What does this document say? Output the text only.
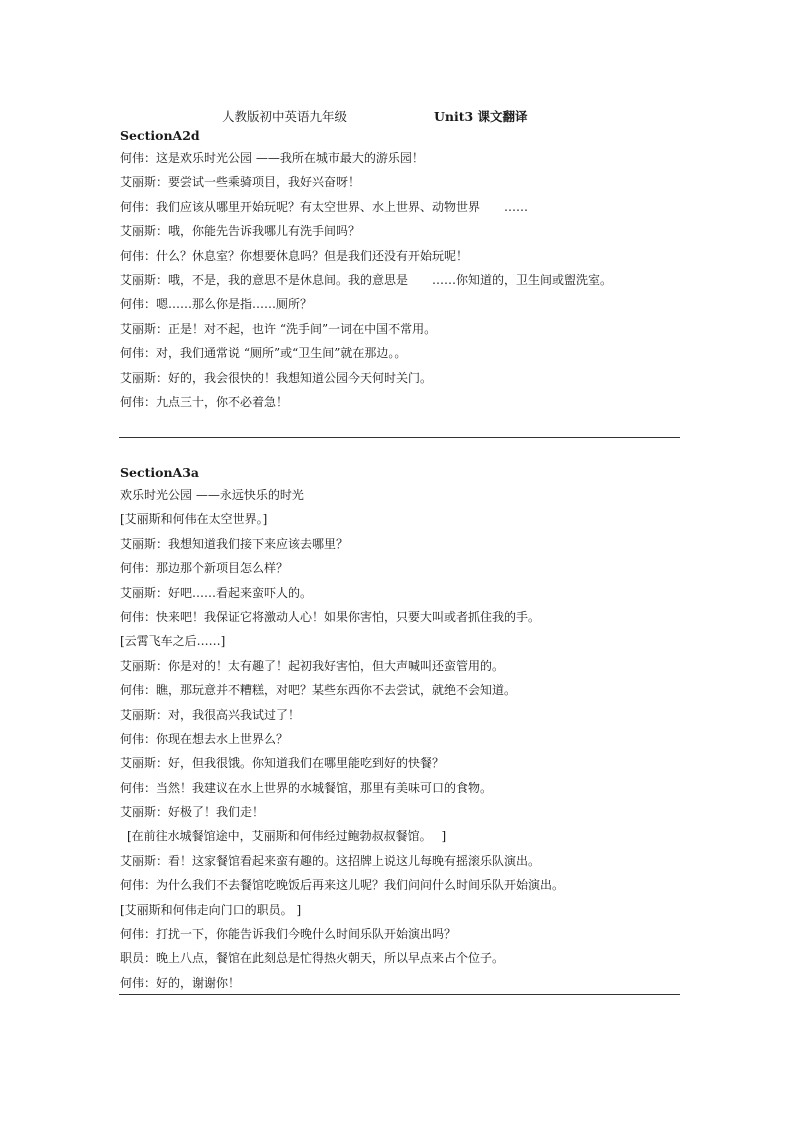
人教版初中英语九年级	Unit3 课文翻译
SectionA2d
何伟：这是欢乐时光公园 ——我所在城市最大的游乐园！
艾丽斯：要尝试一些乘骑项目，我好兴奋呀！
何伟：我们应该从哪里开始玩呢？有太空世界、水上世界、动物世界　　……
艾丽斯：哦，你能先告诉我哪儿有洗手间吗？
何伟：什么？休息室？你想要休息吗？但是我们还没有开始玩呢！
艾丽斯：哦，不是，我的意思不是休息间。我的意思是　　……你知道的，卫生间或盥洗室。
何伟：嗯……那么你是指……厕所？
艾丽斯：正是！对不起，也许 “洗手间”一词在中国不常用。
何伟：对，我们通常说 “厕所”或“卫生间”就在那边。。
艾丽斯：好的，我会很快的！我想知道公园今天何时关门。
何伟：九点三十，你不必着急！
SectionA3a
欢乐时光公园 ——永远快乐的时光
[艾丽斯和何伟在太空世界。]
艾丽斯：我想知道我们接下来应该去哪里？
何伟：那边那个新项目怎么样？
艾丽斯：好吧……看起来蛮吓人的。
何伟：快来吧！我保证它将激动人心！如果你害怕，只要大叫或者抓住我的手。
[云霄飞车之后……]
艾丽斯：你是对的！太有趣了！起初我好害怕，但大声喊叫还蛮管用的。
何伟：瞧，那玩意并不糟糕，对吧？某些东西你不去尝试，就绝不会知道。
艾丽斯：对，我很高兴我试过了！
何伟：你现在想去水上世界么？
艾丽斯：好，但我很饿。你知道我们在哪里能吃到好的快餐？
何伟：当然！我建议在水上世界的水城餐馆，那里有美味可口的食物。
艾丽斯：好极了！我们走！
[在前往水城餐馆途中，艾丽斯和何伟经过鲍勃叔叔餐馆。　 ]
艾丽斯：看！这家餐馆看起来蛮有趣的。这招牌上说这儿每晚有摇滚乐队演出。
何伟：为什么我们不去餐馆吃晚饭后再来这儿呢？我们问问什么时间乐队开始演出。
[艾丽斯和何伟走向门口的职员。 ]
何伟：打扰一下，你能告诉我们今晚什么时间乐队开始演出吗？
职员：晚上八点，餐馆在此刻总是忙得热火朝天，所以早点来占个位子。
何伟：好的，谢谢你！
